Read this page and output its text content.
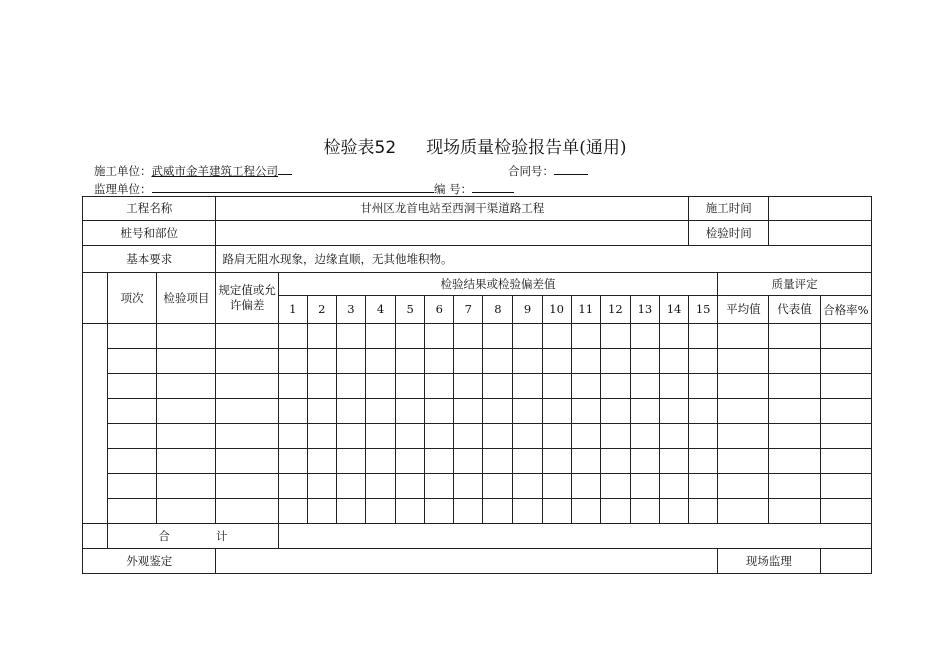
检验表52 现场质量检验报告单(通用)
施工单位：武威市金羊建筑工程公司	合同号：
监理单位：	编 号：
工程名称			甘州区龙首电站至西洞干渠道路工程															施工时间			
桩号和部位																		检验时间			
基本要求			路肩无阻水现象，边缘直顺，无其他堆积物。																		
	项次	检验项目	规定值或允许偏差	检验结果或检验偏差值															质量评定		
				1	2	3	4	5	6	7	8	9	10	11	12	13	14	15	平均值	代表值	合格率%

	合 计																				
外观鉴定																			现场监理		
